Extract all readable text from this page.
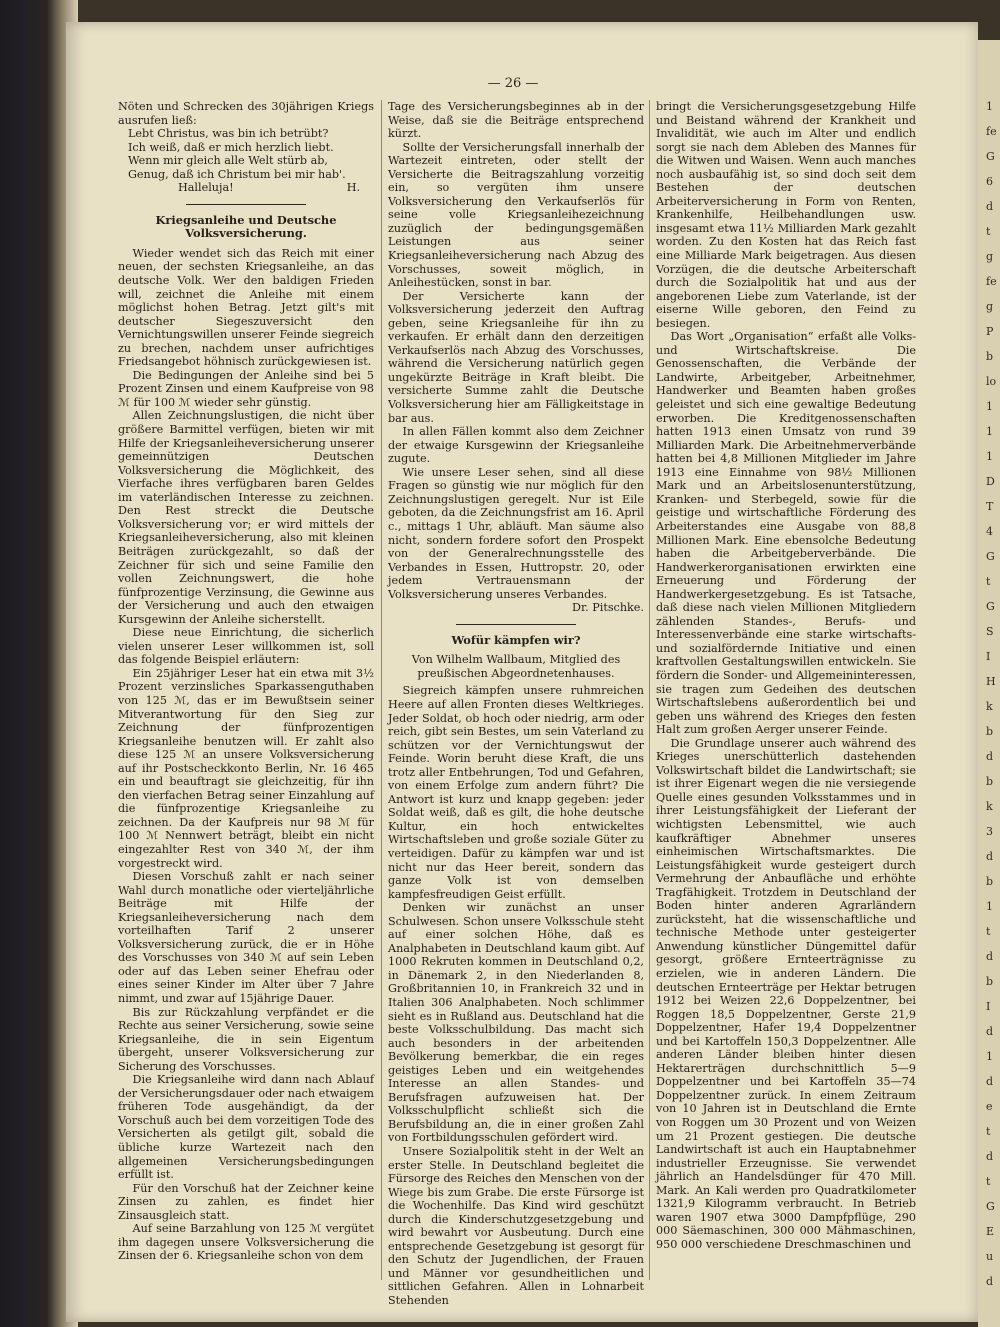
1
fe
G
6
d
t
g
fe
g
P
b
lo
1
1
1
D
T
4
G
t
G
S
I
H
k
b
d
b
k
3
d
b
1
t
d
b
I
d
1
d
e
t
d
t
G
E
u
d
— 26 —

Nöten und Schrecken des 30jährigen Kriegs ausrufen ließ:

Lebt Christus, was bin ich betrübt?
Ich weiß, daß er mich herzlich liebt.
Wenn mir gleich alle Welt stürb ab,
Genug, daß ich Christum bei mir hab'.
Halleluja!	H.
Kriegsanleihe und Deutsche Volksversicherung.

Wieder wendet sich das Reich mit einer neuen, der sechsten Kriegsanleihe, an das deutsche Volk. Wer den baldigen Frieden will, zeichnet die Anleihe mit einem möglichst hohen Betrag. Jetzt gilt's mit deutscher Siegeszuversicht den Vernichtungswillen unserer Feinde siegreich zu brechen, nachdem unser aufrichtiges Friedsangebot höhnisch zurückgewiesen ist.

Die Bedingungen der Anleihe sind bei 5 Prozent Zinsen und einem Kaufpreise von 98 ℳ für 100 ℳ wieder sehr günstig.

Allen Zeichnungslustigen, die nicht über größere Barmittel verfügen, bieten wir mit Hilfe der Kriegsanleiheversicherung unserer gemeinnützigen Deutschen Volksversicherung die Möglichkeit, des Vierfache ihres verfügbaren baren Geldes im vaterländischen Interesse zu zeichnen. Den Rest streckt die Deutsche Volksversicherung vor; er wird mittels der Kriegsanleiheversicherung, also mit kleinen Beiträgen zurückgezahlt, so daß der Zeichner für sich und seine Familie den vollen Zeichnungswert, die hohe fünfprozentige Verzinsung, die Gewinne aus der Versicherung und auch den etwaigen Kursgewinn der Anleihe sicherstellt.

Diese neue Einrichtung, die sicherlich vielen unserer Leser willkommen ist, soll das folgende Beispiel erläutern:

Ein 25jähriger Leser hat ein etwa mit 3½ Prozent verzinsliches Sparkassenguthaben von 125 ℳ, das er im Bewußtsein seiner Mitverantwortung für den Sieg zur Zeichnung der fünfprozentigen Kriegsanleihe benutzen will. Er zahlt also diese 125 ℳ an unsere Volksversicherung auf ihr Postscheckkonto Berlin, Nr. 16 465 ein und beauftragt sie gleichzeitig, für ihn den vierfachen Betrag seiner Einzahlung auf die fünfprozentige Kriegsanleihe zu zeichnen. Da der Kaufpreis nur 98 ℳ für 100 ℳ Nennwert beträgt, bleibt ein nicht eingezahlter Rest von 340 ℳ, der ihm vorgestreckt wird.

Diesen Vorschuß zahlt er nach seiner Wahl durch monatliche oder vierteljährliche Beiträge mit Hilfe der Kriegsanleiheversicherung nach dem vorteilhaften Tarif 2 unserer Volksversicherung zurück, die er in Höhe des Vorschusses von 340 ℳ auf sein Leben oder auf das Leben seiner Ehefrau oder eines seiner Kinder im Alter über 7 Jahre nimmt, und zwar auf 15jährige Dauer.

Bis zur Rückzahlung verpfändet er die Rechte aus seiner Versicherung, sowie seine Kriegsanleihe, die in sein Eigentum übergeht, unserer Volksversicherung zur Sicherung des Vorschusses.

Die Kriegsanleihe wird dann nach Ablauf der Versicherungsdauer oder nach etwaigem früheren Tode ausgehändigt, da der Vorschuß auch bei dem vorzeitigen Tode des Versicherten als getilgt gilt, sobald die übliche kurze Wartezeit nach den allgemeinen Versicherungsbedingungen erfüllt ist.

Für den Vorschuß hat der Zeichner keine Zinsen zu zahlen, es findet hier Zinsausgleich statt.

Auf seine Barzahlung von 125 ℳ vergütet ihm dagegen unsere Volksversicherung die Zinsen der 6. Kriegsanleihe schon von dem

Tage des Versicherungsbeginnes ab in der Weise, daß sie die Beiträge entsprechend kürzt.

Sollte der Versicherungsfall innerhalb der Wartezeit eintreten, oder stellt der Versicherte die Beitragszahlung vorzeitig ein, so vergüten ihm unsere Volksversicherung den Verkaufserlös für seine volle Kriegsanleihezeichnung zuzüglich der bedingungsgemäßen Leistungen aus seiner Kriegsanleiheversicherung nach Abzug des Vorschusses, soweit möglich, in Anleihestücken, sonst in bar.

Der Versicherte kann der Volksversicherung jederzeit den Auftrag geben, seine Kriegsanleihe für ihn zu verkaufen. Er erhält dann den derzeitigen Verkaufserlös nach Abzug des Vorschusses, während die Versicherung natürlich gegen ungekürzte Beiträge in Kraft bleibt. Die versicherte Summe zahlt die Deutsche Volksversicherung hier am Fälligkeitstage in bar aus.

In allen Fällen kommt also dem Zeichner der etwaige Kursgewinn der Kriegsanleihe zugute.

Wie unsere Leser sehen, sind all diese Fragen so günstig wie nur möglich für den Zeichnungslustigen geregelt. Nur ist Eile geboten, da die Zeichnungsfrist am 16. April c., mittags 1 Uhr, abläuft. Man säume also nicht, sondern fordere sofort den Prospekt von der Generalrechnungsstelle des Verbandes in Essen, Huttropstr. 20, oder jedem Vertrauensmann der Volksversicherung unseres Verbandes.

Dr. Pitschke.

Wofür kämpfen wir?

Von Wilhelm Wallbaum, Mitglied des preußischen Abgeordnetenhauses.

Siegreich kämpfen unsere ruhmreichen Heere auf allen Fronten dieses Weltkrieges. Jeder Soldat, ob hoch oder niedrig, arm oder reich, gibt sein Bestes, um sein Vaterland zu schützen vor der Vernichtungswut der Feinde. Worin beruht diese Kraft, die uns trotz aller Entbehrungen, Tod und Gefahren, von einem Erfolge zum andern führt? Die Antwort ist kurz und knapp gegeben: jeder Soldat weiß, daß es gilt, die hohe deutsche Kultur, ein hoch entwickeltes Wirtschaftsleben und große soziale Güter zu verteidigen. Dafür zu kämpfen war und ist nicht nur das Heer bereit, sondern das ganze Volk ist von demselben kampfesfreudigen Geist erfüllt.

Denken wir zunächst an unser Schulwesen. Schon unsere Volksschule steht auf einer solchen Höhe, daß es Analphabeten in Deutschland kaum gibt. Auf 1000 Rekruten kommen in Deutschland 0,2, in Dänemark 2, in den Niederlanden 8, Großbritannien 10, in Frankreich 32 und in Italien 306 Analphabeten. Noch schlimmer sieht es in Rußland aus. Deutschland hat die beste Volksschulbildung. Das macht sich auch besonders in der arbeitenden Bevölkerung bemerkbar, die ein reges geistiges Leben und ein weitgehendes Interesse an allen Standes- und Berufsfragen aufzuweisen hat. Der Volksschulpflicht schließt sich die Berufsbildung an, die in einer großen Zahl von Fortbildungsschulen gefördert wird.

Unsere Sozialpolitik steht in der Welt an erster Stelle. In Deutschland begleitet die Fürsorge des Reiches den Menschen von der Wiege bis zum Grabe. Die erste Fürsorge ist die Wochenhilfe. Das Kind wird geschützt durch die Kinderschutzgesetzgebung und wird bewahrt vor Ausbeutung. Durch eine entsprechende Gesetzgebung ist gesorgt für den Schutz der Jugendlichen, der Frauen und Männer vor gesundheitlichen und sittlichen Gefahren. Allen in Lohnarbeit Stehenden

bringt die Versicherungsgesetzgebung Hilfe und Beistand während der Krankheit und Invalidität, wie auch im Alter und endlich sorgt sie nach dem Ableben des Mannes für die Witwen und Waisen. Wenn auch manches noch ausbaufähig ist, so sind doch seit dem Bestehen der deutschen Arbeiterversicherung in Form von Renten, Krankenhilfe, Heilbehandlungen usw. insgesamt etwa 11½ Milliarden Mark gezahlt worden. Zu den Kosten hat das Reich fast eine Milliarde Mark beigetragen. Aus diesen Vorzügen, die die deutsche Arbeiterschaft durch die Sozialpolitik hat und aus der angeborenen Liebe zum Vaterlande, ist der eiserne Wille geboren, den Feind zu besiegen.

Das Wort „Organisation“ erfaßt alle Volks- und Wirtschaftskreise. Die Genossenschaften, die Verbände der Landwirte, Arbeitgeber, Arbeitnehmer, Handwerker und Beamten haben großes geleistet und sich eine gewaltige Bedeutung erworben. Die Kreditgenossenschaften hatten 1913 einen Umsatz von rund 39 Milliarden Mark. Die Arbeitnehmerverbände hatten bei 4,8 Millionen Mitglieder im Jahre 1913 eine Einnahme von 98½ Millionen Mark und an Arbeitslosenunterstützung, Kranken- und Sterbegeld, sowie für die geistige und wirtschaftliche Förderung des Arbeiterstandes eine Ausgabe von 88,8 Millionen Mark. Eine ebensolche Bedeutung haben die Arbeitgeberverbände. Die Handwerkerorganisationen erwirkten eine Erneuerung und Förderung der Handwerkergesetzgebung. Es ist Tatsache, daß diese nach vielen Millionen Mitgliedern zählenden Standes-, Berufs- und Interessenverbände eine starke wirtschafts- und sozialfördernde Initiative und einen kraftvollen Gestaltungswillen entwickeln. Sie fördern die Sonder- und Allgemeininteressen, sie tragen zum Gedeihen des deutschen Wirtschaftslebens außerordentlich bei und geben uns während des Krieges den festen Halt zum großen Aerger unserer Feinde.

Die Grundlage unserer auch während des Krieges unerschütterlich dastehenden Volkswirtschaft bildet die Landwirtschaft; sie ist ihrer Eigenart wegen die nie versiegende Quelle eines gesunden Volksstammes und in ihrer Leistungsfähigkeit der Lieferant der wichtigsten Lebensmittel, wie auch kaufkräftiger Abnehmer unseres einheimischen Wirtschaftsmarktes. Die Leistungsfähigkeit wurde gesteigert durch Vermehrung der Anbaufläche und erhöhte Tragfähigkeit. Trotzdem in Deutschland der Boden hinter anderen Agrarländern zurücksteht, hat die wissenschaftliche und technische Methode unter gesteigerter Anwendung künstlicher Düngemittel dafür gesorgt, größere Ernteerträgnisse zu erzielen, wie in anderen Ländern. Die deutschen Ernteerträge per Hektar betrugen 1912 bei Weizen 22,6 Doppelzentner, bei Roggen 18,5 Doppelzentner, Gerste 21,9 Doppelzentner, Hafer 19,4 Doppelzentner und bei Kartoffeln 150,3 Doppelzentner. Alle anderen Länder bleiben hinter diesen Hektarerträgen durchschnittlich 5—9 Doppelzentner und bei Kartoffeln 35—74 Doppelzentner zurück. In einem Zeitraum von 10 Jahren ist in Deutschland die Ernte von Roggen um 30 Prozent und von Weizen um 21 Prozent gestiegen. Die deutsche Landwirtschaft ist auch ein Hauptabnehmer industrieller Erzeugnisse. Sie verwendet jährlich an Handelsdünger für 470 Mill. Mark. An Kali werden pro Quadratkilometer 1321,9 Kilogramm verbraucht. In Betrieb waren 1907 etwa 3000 Dampfpflüge, 290 000 Säemaschinen, 300 000 Mähmaschinen, 950 000 verschiedene Dreschmaschinen und
